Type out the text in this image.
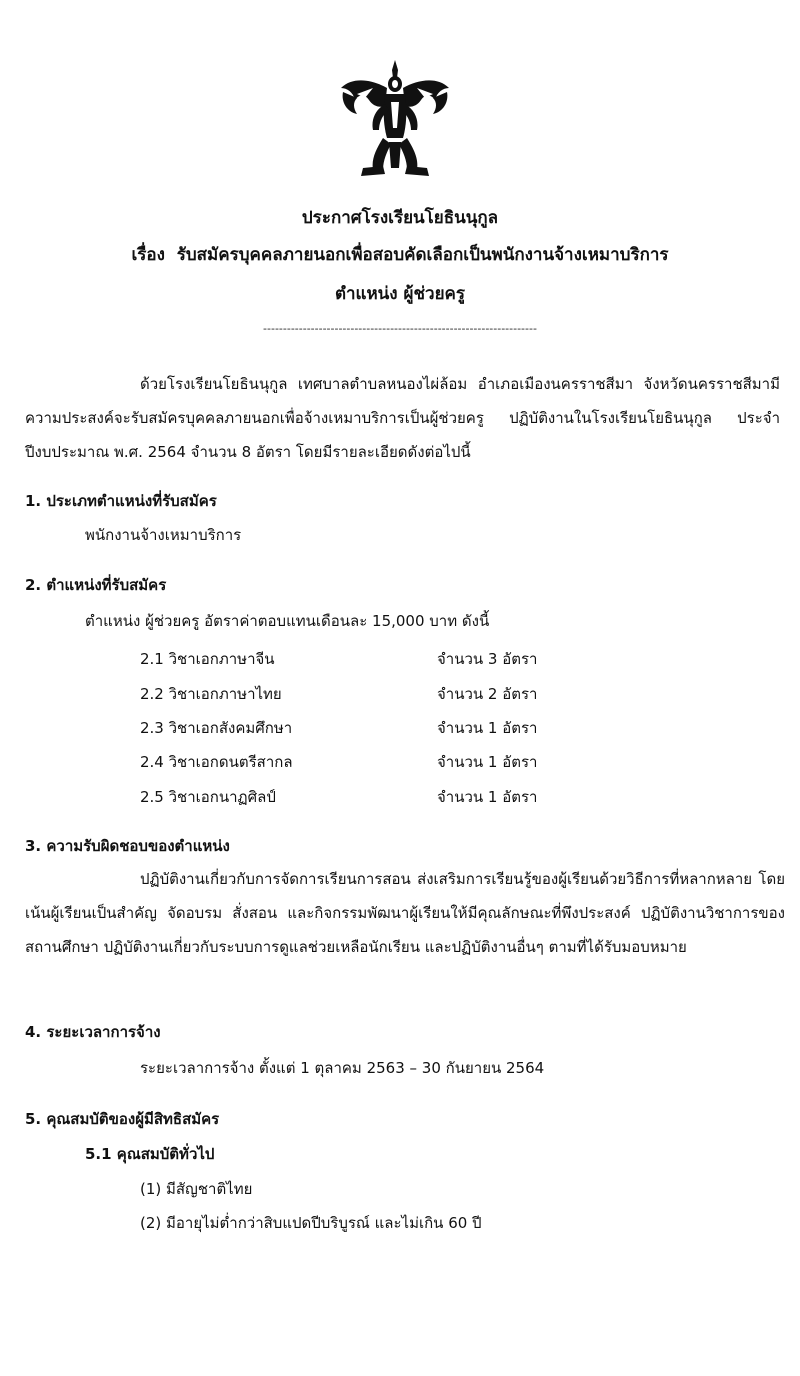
ประกาศโรงเรียนโยธินนุกูล
เรื่อง รับสมัครบุคคลภายนอกเพื่อสอบคัดเลือกเป็นพนักงานจ้างเหมาบริการ
ตำแหน่ง ผู้ช่วยครู
---------------------------------------------------------------------
ด้วยโรงเรียนโยธินนุกูล เทศบาลตำบลหนองไผ่ล้อม อำเภอเมืองนครราชสีมา จังหวัดนครราชสีมามีความประสงค์จะรับสมัครบุคคลภายนอกเพื่อจ้างเหมาบริการเป็นผู้ช่วยครู ปฏิบัติงานในโรงเรียนโยธินนุกูล ประจำปีงบประมาณ พ.ศ. 2564 จำนวน 8 อัตรา โดยมีรายละเอียดดังต่อไปนี้
1. ประเภทตำแหน่งที่รับสมัคร
พนักงานจ้างเหมาบริการ
2. ตำแหน่งที่รับสมัคร
ตำแหน่ง ผู้ช่วยครู อัตราค่าตอบแทนเดือนละ 15,000 บาท ดังนี้
2.1 วิชาเอกภาษาจีน	จำนวน 3 อัตรา
2.2 วิชาเอกภาษาไทย	จำนวน 2 อัตรา
2.3 วิชาเอกสังคมศึกษา	จำนวน 1 อัตรา
2.4 วิชาเอกดนตรีสากล	จำนวน 1 อัตรา
2.5 วิชาเอกนาฏศิลป์	จำนวน 1 อัตรา
3. ความรับผิดชอบของตำแหน่ง
ปฏิบัติงานเกี่ยวกับการจัดการเรียนการสอน ส่งเสริมการเรียนรู้ของผู้เรียนด้วยวิธีการที่หลากหลาย โดยเน้นผู้เรียนเป็นสำคัญ จัดอบรม สั่งสอน และกิจกรรมพัฒนาผู้เรียนให้มีคุณลักษณะที่พึงประสงค์ ปฏิบัติงานวิชาการของสถานศึกษา ปฏิบัติงานเกี่ยวกับระบบการดูแลช่วยเหลือนักเรียน และปฏิบัติงานอื่นๆ ตามที่ได้รับมอบหมาย
4. ระยะเวลาการจ้าง
ระยะเวลาการจ้าง ตั้งแต่ 1 ตุลาคม 2563 – 30 กันยายน 2564
5. คุณสมบัติของผู้มีสิทธิสมัคร
5.1 คุณสมบัติทั่วไป
(1) มีสัญชาติไทย
(2) มีอายุไม่ต่ำกว่าสิบแปดปีบริบูรณ์ และไม่เกิน 60 ปี
